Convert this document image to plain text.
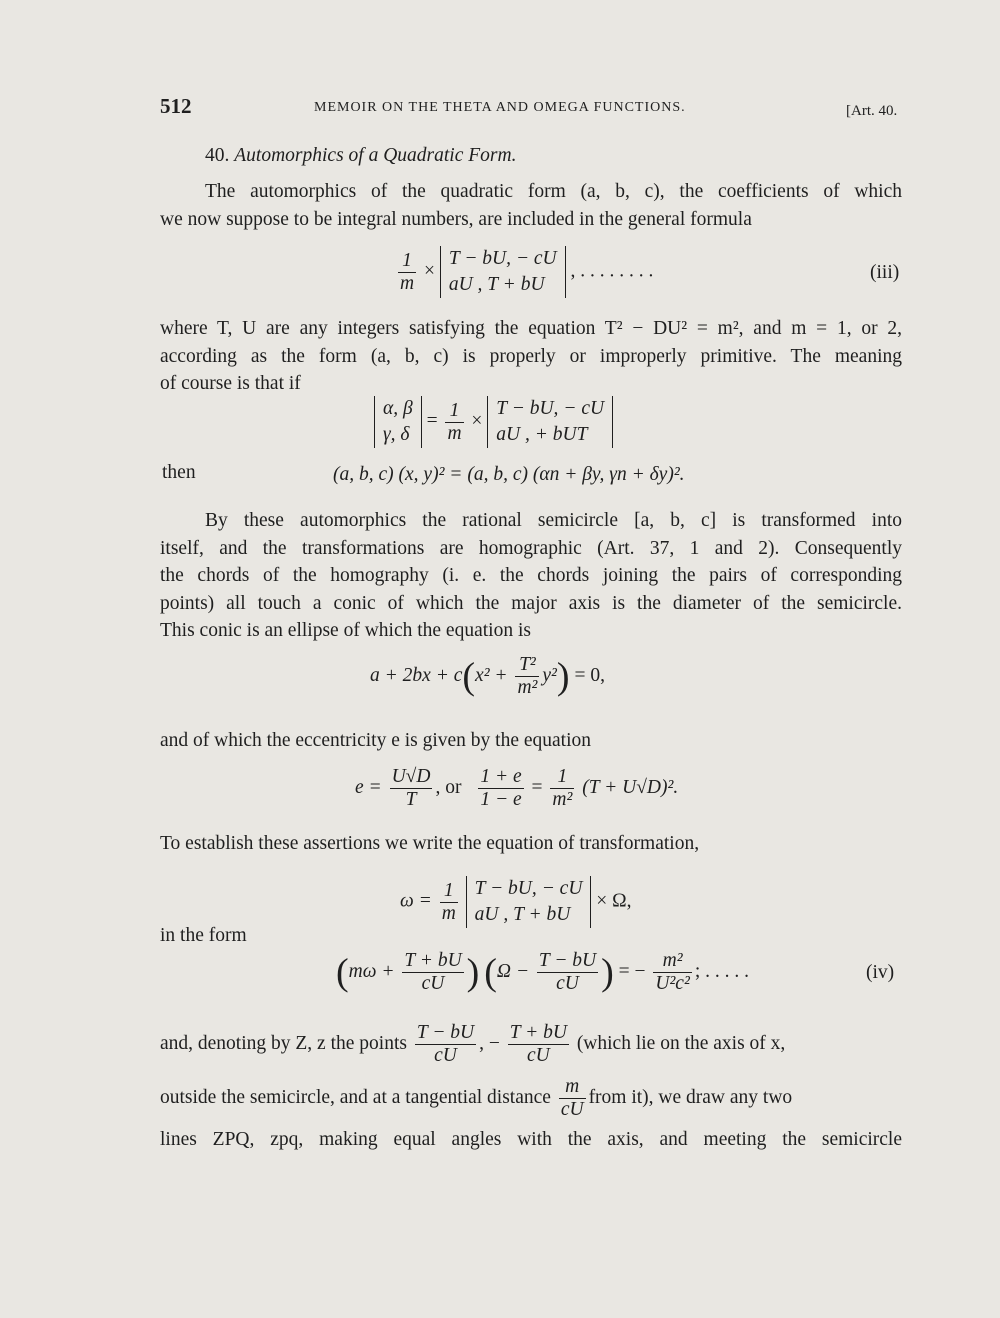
512	MEMOIR ON THE THETA AND OMEGA FUNCTIONS.	[Art. 40.
40. Automorphics of a Quadratic Form.
The automorphics of the quadratic form (a, b, c), the coefficients of which
we now suppose to be integral numbers, are included in the general formula
$\frac{1}{m}$ ×
T − bU, − cU
aU , T + bU
, . . . . . . . .	(iii)
where T, U are any integers satisfying the equation T² − DU² = m², and m = 1, or 2,
according as the form (a, b, c) is properly or improperly primitive. The meaning
of course is that if
α, β
γ, δ
= $\frac{1}{m}$ ×
T − bU, − cU
aU , + bUT
then	(a, b, c) (x, y)² = (a, b, c) (αn + βy, γn + δy)².
By these automorphics the rational semicircle [a, b, c] is transformed into
itself, and the transformations are homographic (Art. 37, 1 and 2). Consequently
the chords of the homography (i. e. the chords joining the pairs of corresponding
points) all touch a conic of which the major axis is the diameter of the semicircle.
This conic is an ellipse of which the equation is
$a + 2bx + c(x^2 + \frac{\text{T²}}{\text{m²}} y^2) = 0$,
and of which the eccentricity e is given by the equation
$e = \frac{U√D}{T}$ , or $\frac{1 + e}{1 - e} = \frac{1}{\text{m²}} (T + U√D)^2$.
To establish these assertions we write the equation of transformation,
$\omega = \frac{1}{m}$
T − bU, − cU
aU , T + bU
× Ω,
in the form
($m\omega + \frac{T + bU}{cU}$ ) ($\Omega - \frac{T - bU}{cU}$ ) = − $\frac{\text{m²}}{\text{U²c²}}$ ; . . . . .	(iv)
and, denoting by Z, z the points $\frac{T - bU}{cU}$ , − $\frac{T + bU}{cU}$ (which lie on the axis of x,
outside the semicircle, and at a tangential distance $\frac{m}{cU}$ from it), we draw any two
lines ZPQ, zpq, making equal angles with the axis, and meeting the semicircle
